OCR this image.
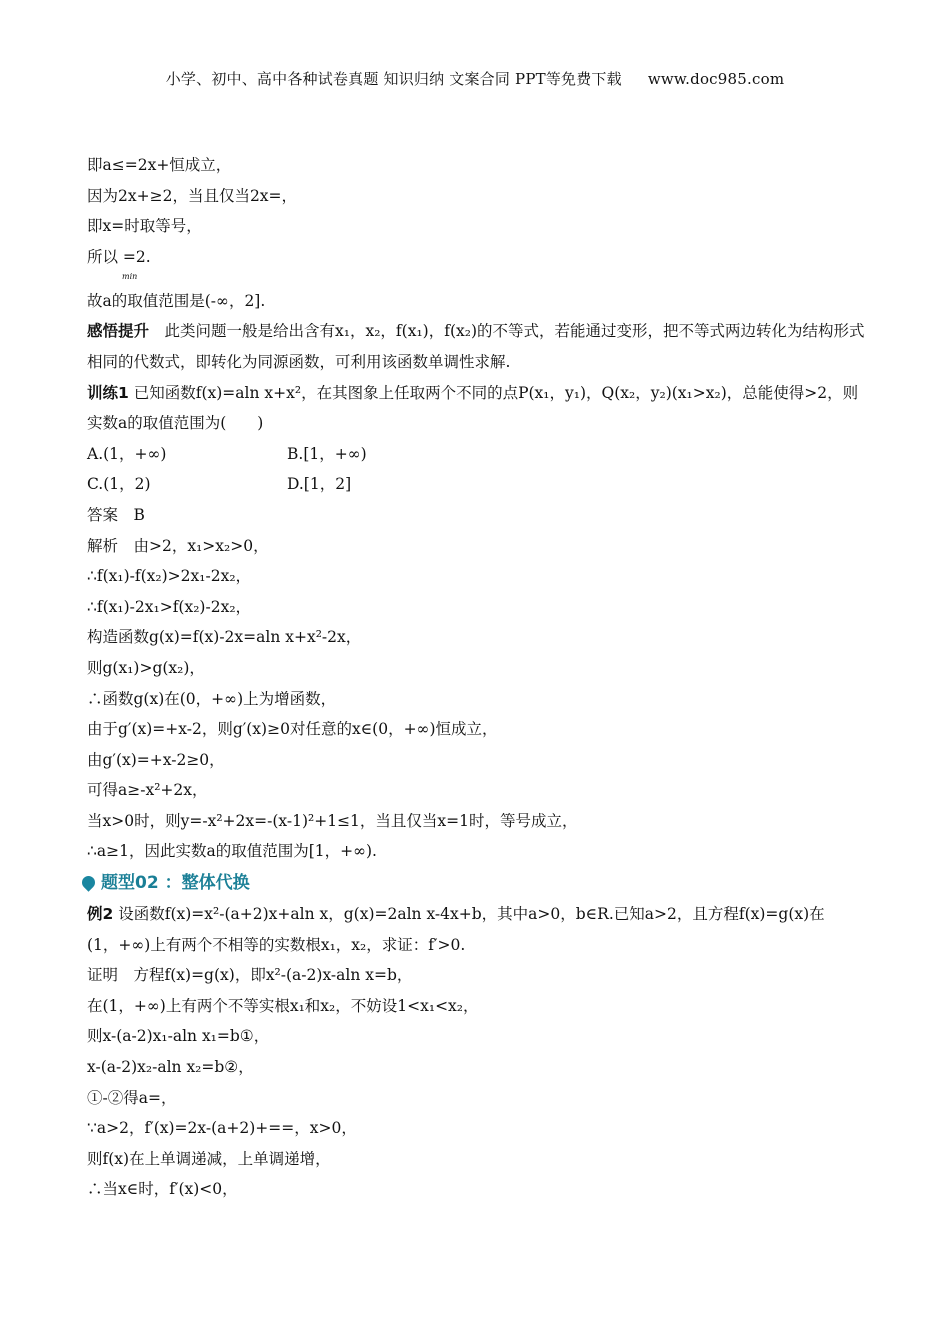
小学、初中、高中各种试卷真题 知识归纳 文案合同 PPT等免费下载 www.doc985.com
即a≤=2x+恒成立，
因为2x+≥2，当且仅当2x=，
即x=时取等号，
所以 =2.
min
故a的取值范围是(-∞，2].
感悟提升　此类问题一般是给出含有x₁，x₂，f(x₁)，f(x₂)的不等式，若能通过变形，把不等式两边转化为结构形式相同的代数式，即转化为同源函数，可利用该函数单调性求解.
训练1 已知函数f(x)=aln x+x²，在其图象上任取两个不同的点P(x₁，y₁)，Q(x₂，y₂)(x₁>x₂)，总能使得>2，则实数a的取值范围为(　　)
A.(1，+∞)	B.[1，+∞)
C.(1，2)	D.[1，2]
答案　B
解析　由>2，x₁>x₂>0，
∴f(x₁)-f(x₂)>2x₁-2x₂，
∴f(x₁)-2x₁>f(x₂)-2x₂，
构造函数g(x)=f(x)-2x=aln x+x²-2x，
则g(x₁)>g(x₂)，
∴函数g(x)在(0，+∞)上为增函数，
由于g′(x)=+x-2，则g′(x)≥0对任意的x∈(0，+∞)恒成立，
由g′(x)=+x-2≥0，
可得a≥-x²+2x，
当x>0时，则y=-x²+2x=-(x-1)²+1≤1，当且仅当x=1时，等号成立，
∴a≥1，因此实数a的取值范围为[1，+∞).
题型02 ：整体代换
例2 设函数f(x)=x²-(a+2)x+aln x，g(x)=2aln x-4x+b，其中a>0，b∈R.已知a>2，且方程f(x)=g(x)在(1，+∞)上有两个不相等的实数根x₁，x₂，求证：f′>0.
证明　方程f(x)=g(x)，即x²-(a-2)x-aln x=b，
在(1，+∞)上有两个不等实根x₁和x₂，不妨设1<x₁<x₂，
则x-(a-2)x₁-aln x₁=b①，
x-(a-2)x₂-aln x₂=b②，
①-②得a=，
∵a>2，f′(x)=2x-(a+2)+==，x>0，
则f(x)在上单调递减，上单调递增，
∴当x∈时，f′(x)<0，
